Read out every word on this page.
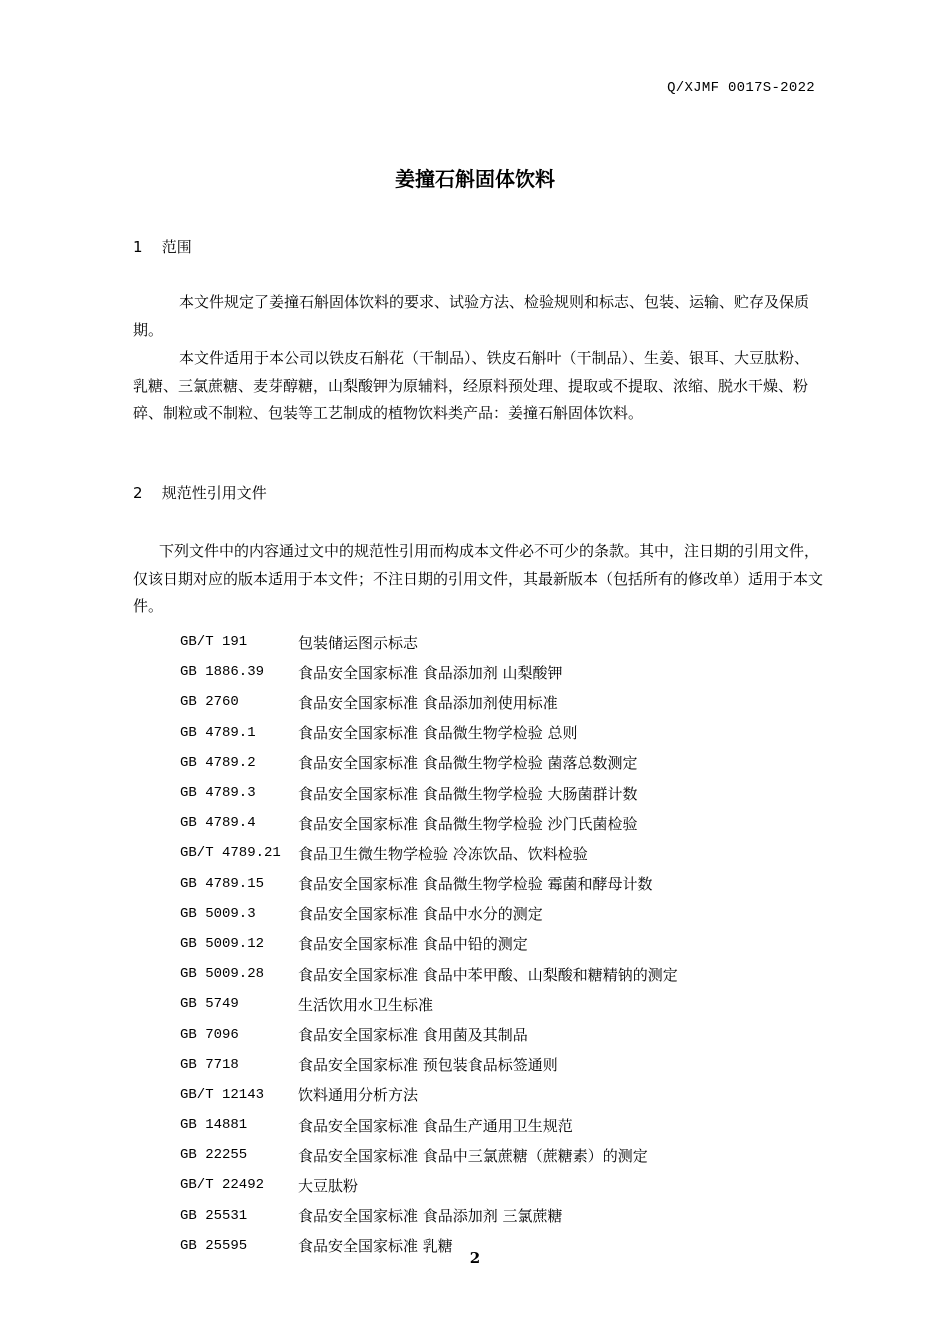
Q/XJMF 0017S-2022
姜撞石斛固体饮料
1 范围

本文件规定了姜撞石斛固体饮料的要求、试验方法、检验规则和标志、包装、运输、贮存及保质期。

本文件适用于本公司以铁皮石斛花（干制品）、铁皮石斛叶（干制品）、生姜、银耳、大豆肽粉、乳糖、三氯蔗糖、麦芽醇糖，山梨酸钾为原辅料，经原料预处理、提取或不提取、浓缩、脱水干燥、粉碎、制粒或不制粒、包装等工艺制成的植物饮料类产品：姜撞石斛固体饮料。

2 规范性引用文件

下列文件中的内容通过文中的规范性引用而构成本文件必不可少的条款。其中，注日期的引用文件，仅该日期对应的版本适用于本文件；不注日期的引用文件，其最新版本（包括所有的修改单）适用于本文件。

GB/T 191	包装储运图示标志
GB 1886.39	食品安全国家标准 食品添加剂 山梨酸钾
GB 2760	食品安全国家标准 食品添加剂使用标准
GB 4789.1	食品安全国家标准 食品微生物学检验 总则
GB 4789.2	食品安全国家标准 食品微生物学检验 菌落总数测定
GB 4789.3	食品安全国家标准 食品微生物学检验 大肠菌群计数
GB 4789.4	食品安全国家标准 食品微生物学检验 沙门氏菌检验
GB/T 4789.21	食品卫生微生物学检验 冷冻饮品、饮料检验
GB 4789.15	食品安全国家标准 食品微生物学检验 霉菌和酵母计数
GB 5009.3	食品安全国家标准 食品中水分的测定
GB 5009.12	食品安全国家标准 食品中铅的测定
GB 5009.28	食品安全国家标准 食品中苯甲酸、山梨酸和糖精钠的测定
GB 5749	生活饮用水卫生标准
GB 7096	食品安全国家标准 食用菌及其制品
GB 7718	食品安全国家标准 预包装食品标签通则
GB/T 12143	饮料通用分析方法
GB 14881	食品安全国家标准 食品生产通用卫生规范
GB 22255	食品安全国家标准 食品中三氯蔗糖（蔗糖素）的测定
GB/T 22492	大豆肽粉
GB 25531	食品安全国家标准 食品添加剂 三氯蔗糖
GB 25595	食品安全国家标准 乳糖
2
